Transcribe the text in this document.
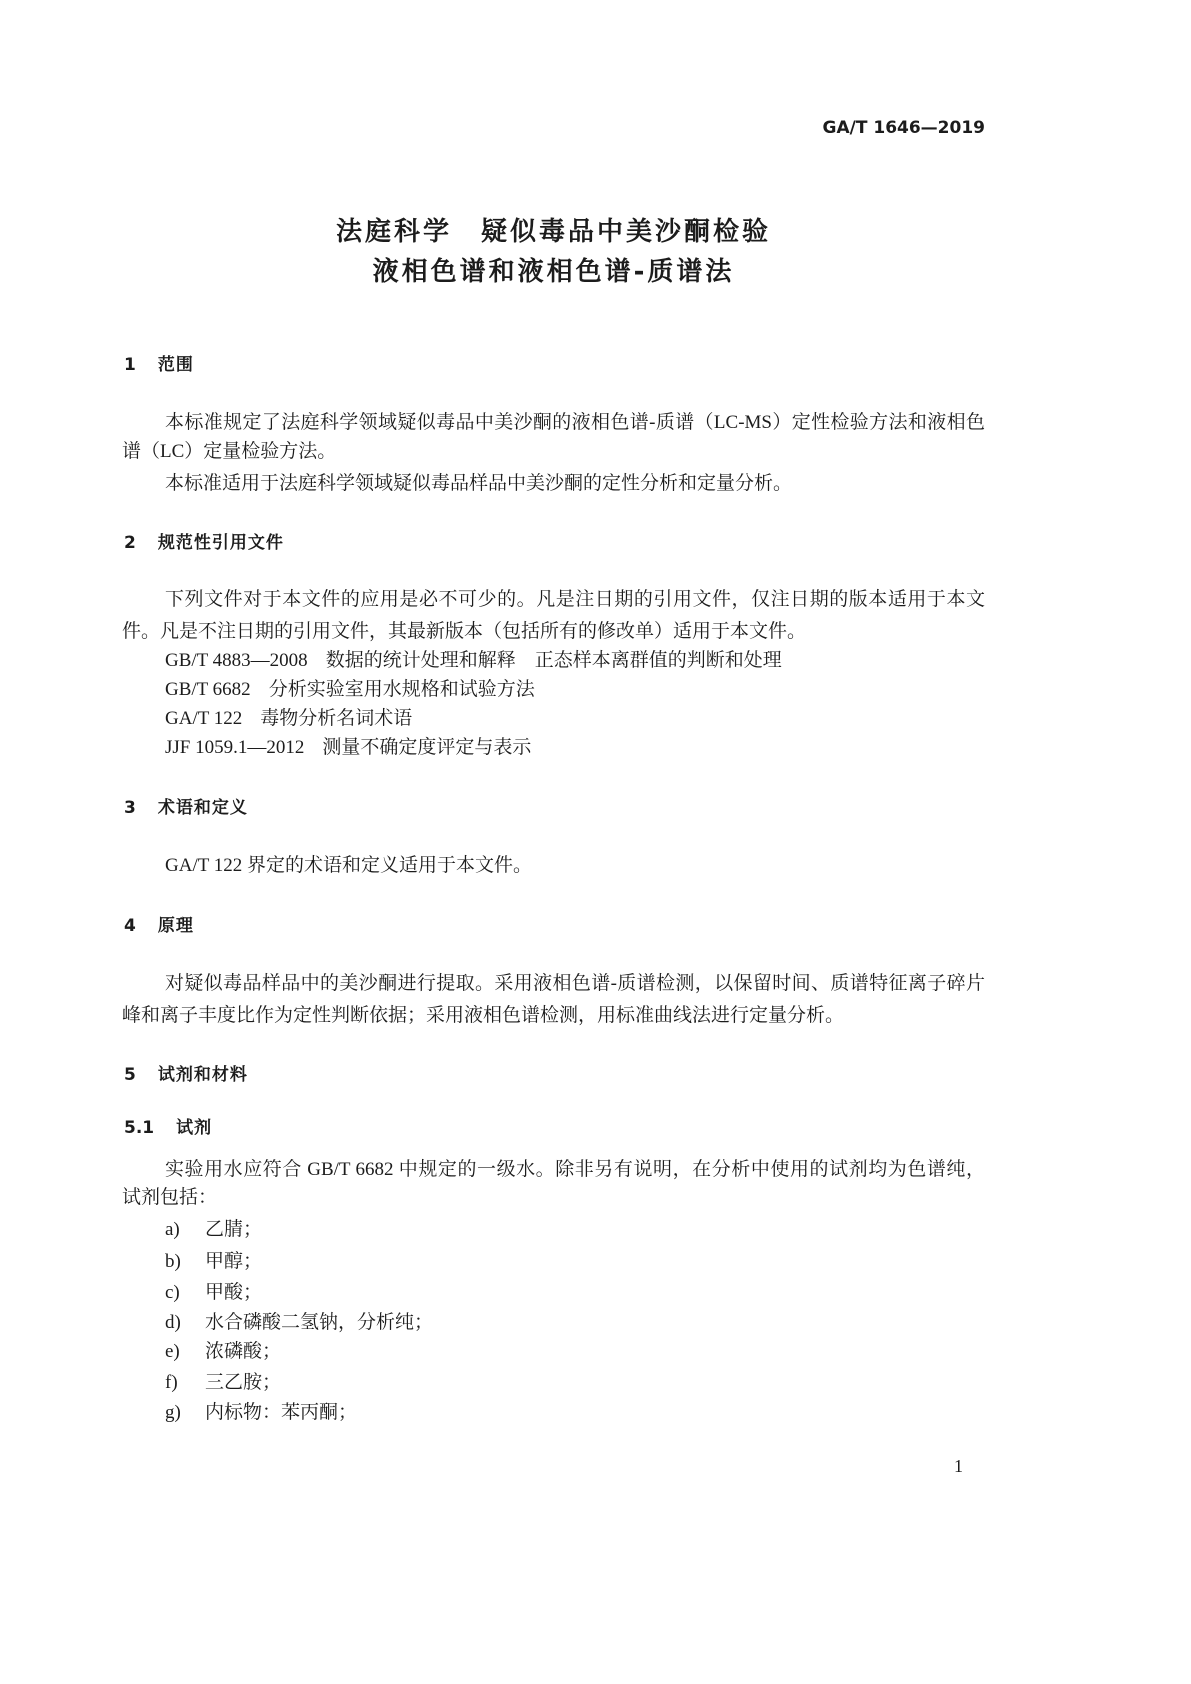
GA/T 1646—2019
法庭科学　疑似毒品中美沙酮检验
液相色谱和液相色谱-质谱法
1 范围
本标准规定了法庭科学领域疑似毒品中美沙酮的液相色谱-质谱（LC-MS）定性检验方法和液相色
谱（LC）定量检验方法。
本标准适用于法庭科学领域疑似毒品样品中美沙酮的定性分析和定量分析。
2 规范性引用文件
下列文件对于本文件的应用是必不可少的。凡是注日期的引用文件，仅注日期的版本适用于本文
件。凡是不注日期的引用文件，其最新版本（包括所有的修改单）适用于本文件。
GB/T 4883—2008 数据的统计处理和解释　正态样本离群值的判断和处理
GB/T 6682 分析实验室用水规格和试验方法
GA/T 122 毒物分析名词术语
JJF 1059.1—2012 测量不确定度评定与表示
3 术语和定义
GA/T 122 界定的术语和定义适用于本文件。
4 原理
对疑似毒品样品中的美沙酮进行提取。采用液相色谱-质谱检测，以保留时间、质谱特征离子碎片
峰和离子丰度比作为定性判断依据；采用液相色谱检测，用标准曲线法进行定量分析。
5 试剂和材料
5.1 试剂
实验用水应符合 GB/T 6682 中规定的一级水。除非另有说明，在分析中使用的试剂均为色谱纯，
试剂包括：
a) 乙腈；
b) 甲醇；
c) 甲酸；
d) 水合磷酸二氢钠，分析纯；
e) 浓磷酸；
f) 三乙胺；
g) 内标物：苯丙酮；
1
